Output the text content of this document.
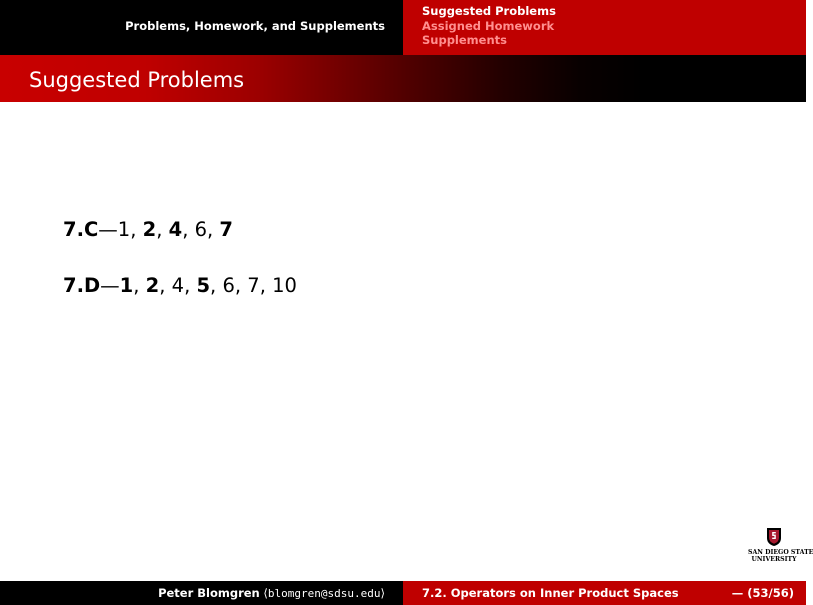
Problems, Homework, and Supplements
Suggested Problems
Assigned Homework
Supplements
Suggested Problems
7.C—1, 2, 4, 6, 7
7.D—1, 2, 4, 5, 6, 7, 10
SAN DIEGO STATE
UNIVERSITY
Peter Blomgren ⟨blomgren@sdsu.edu⟩	7.2. Operators on Inner Product Spaces	— (53/56)
